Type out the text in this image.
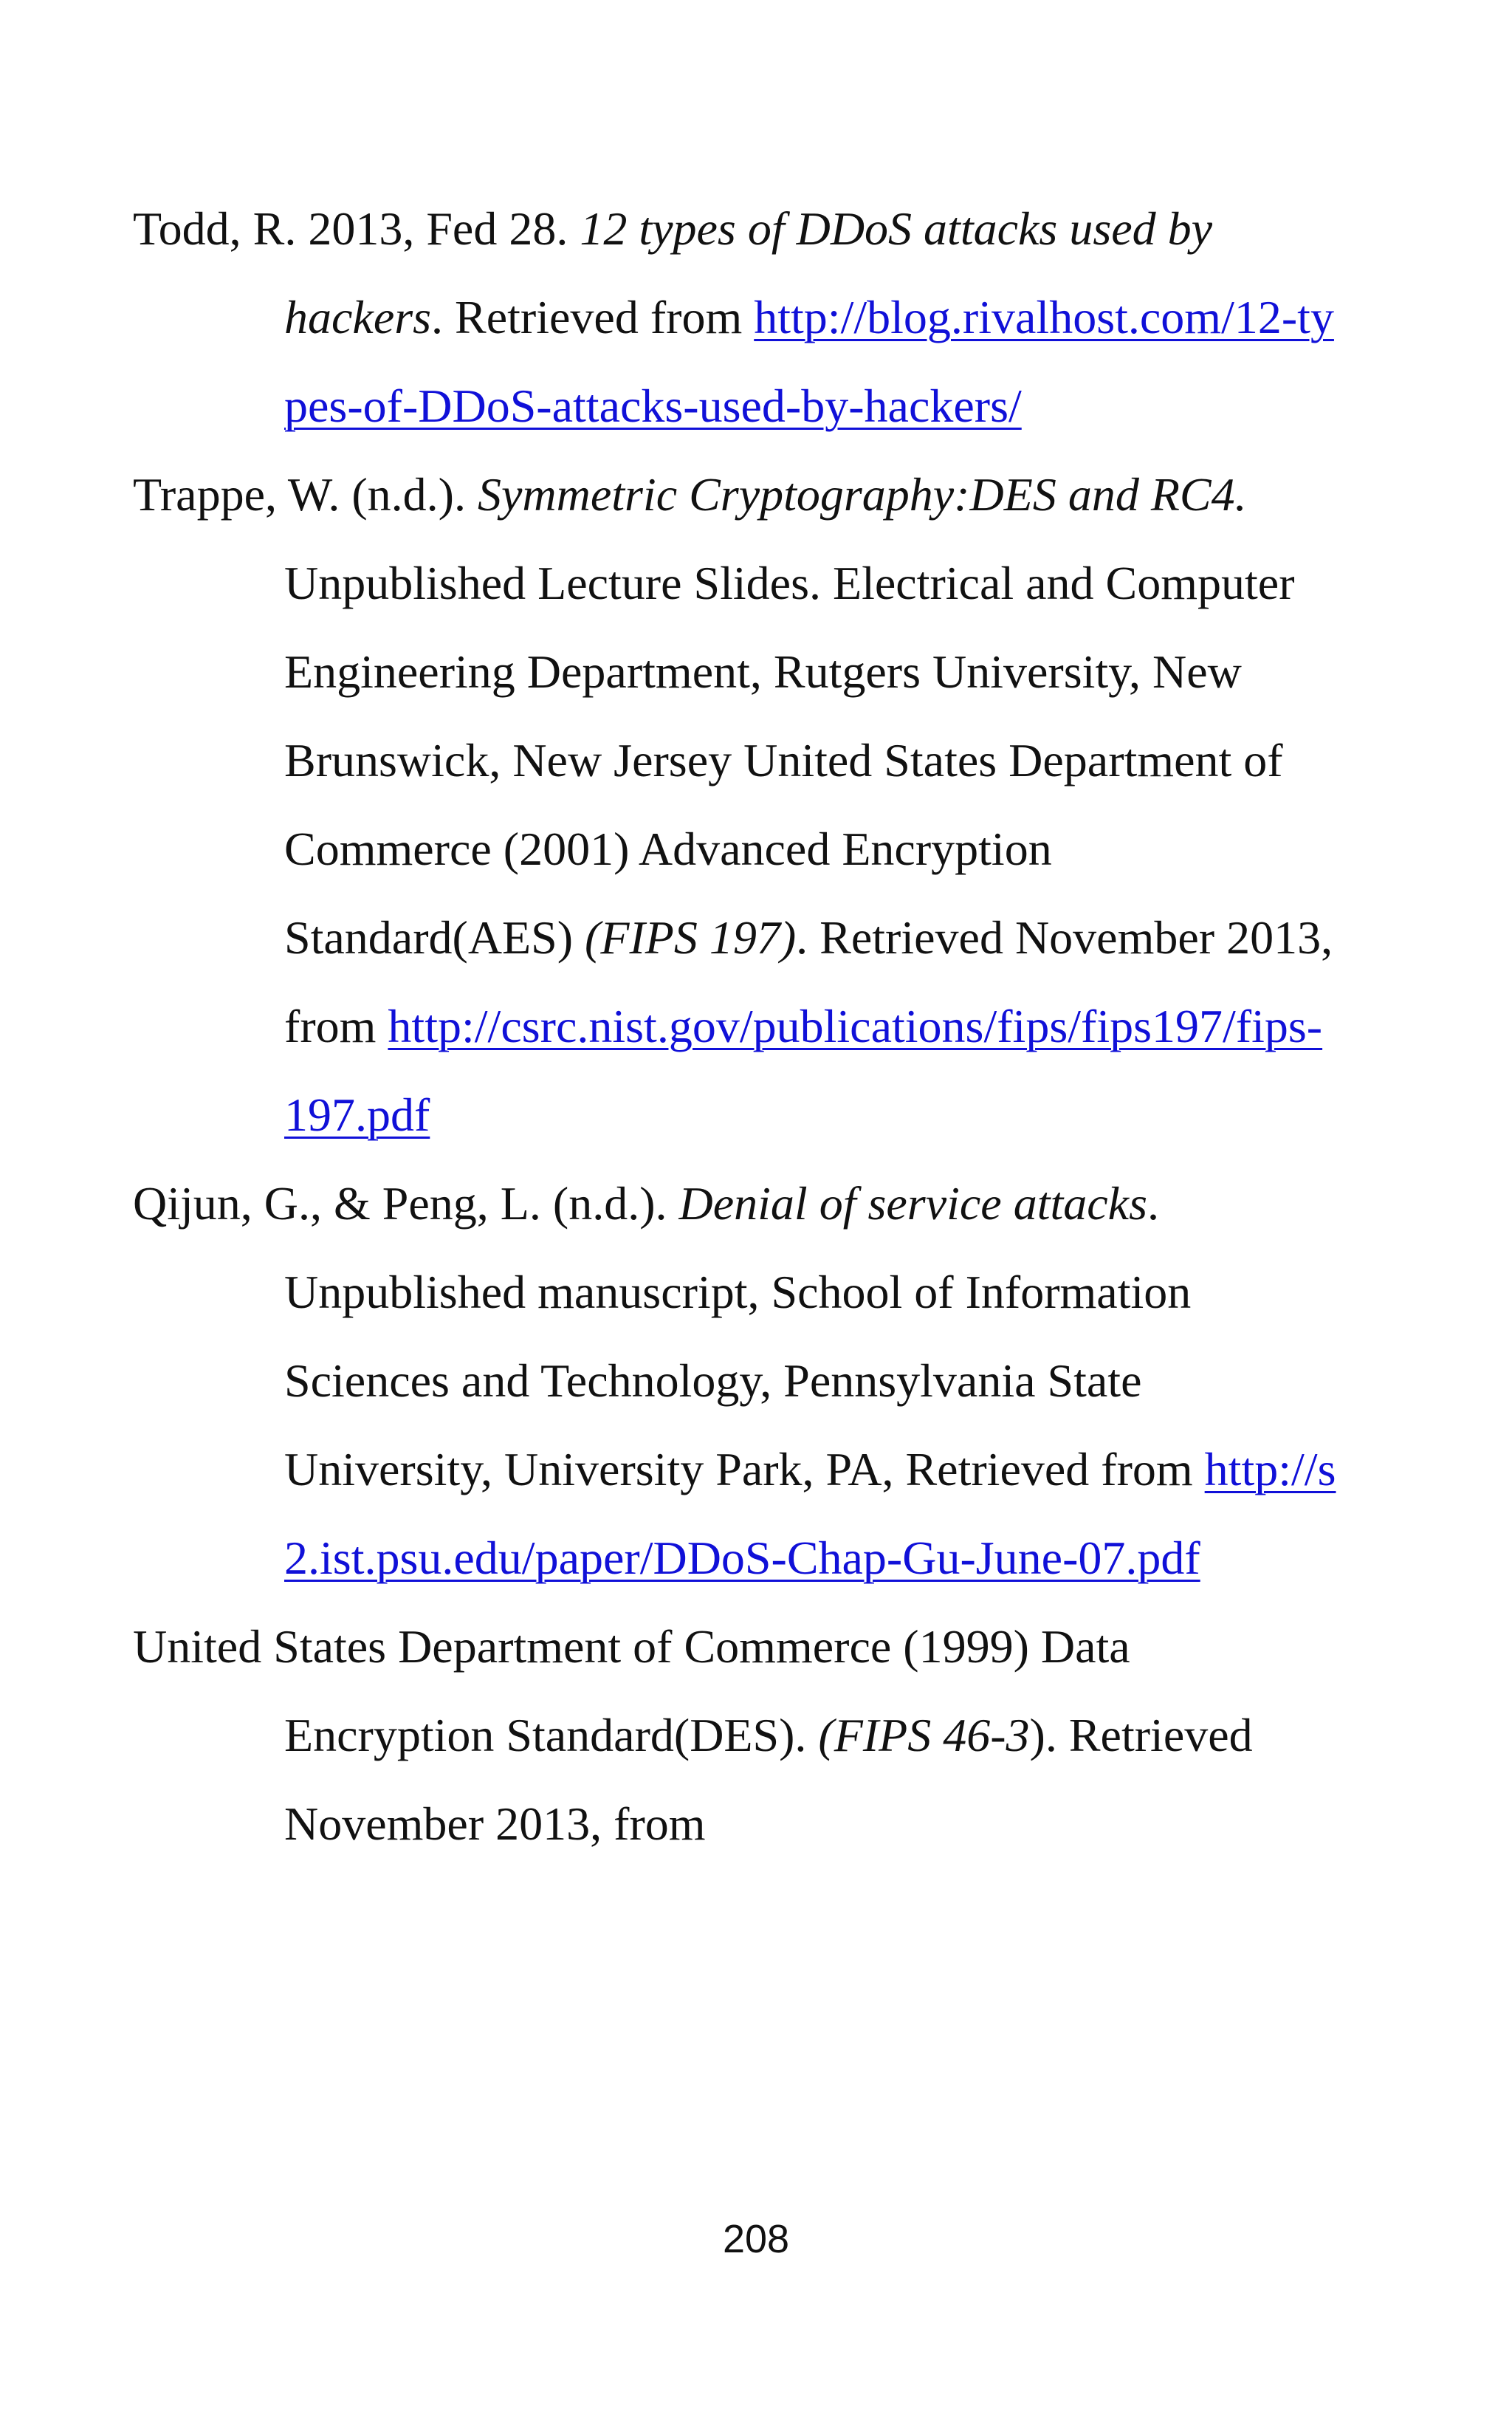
Todd, R. 2013, Fed 28. 12 types of DDoS attacks used by hackers. Retrieved from http://blog.rivalhost.com/12-types-of-DDoS-attacks-used-by-hackers/

Trappe, W. (n.d.). Symmetric Cryptography:DES and RC4. Unpublished Lecture Slides. Electrical and Computer Engineering Department, Rutgers University, New Brunswick, New Jersey United States Department of Commerce (2001) Advanced Encryption Standard(AES) (FIPS 197). Retrieved November 2013, from http://csrc.nist.gov/publications/fips/fips197/fips-197.pdf

Qijun, G., & Peng, L. (n.d.). Denial of service attacks. Unpublished manuscript, School of Information Sciences and Technology, Pennsylvania State University, University Park, PA, Retrieved from http://s2.ist.psu.edu/paper/DDoS-Chap-Gu-June-07.pdf

United States Department of Commerce (1999) Data Encryption Standard(DES). (FIPS 46-3). Retrieved November 2013, from

208
